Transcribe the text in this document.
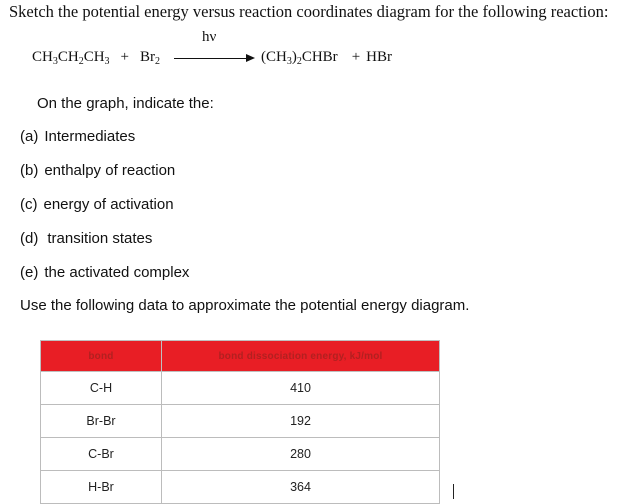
Sketch the potential energy versus reaction coordinates diagram for the following reaction:
$CH_3CH_2CH_3 + Br_2$
hν
$(CH_3)_2CHBr$ + HBr
On the graph, indicate the:
(a) Intermediates
(b) enthalpy of reaction
(c) energy of activation
(d) transition states
(e) the activated complex
Use the following data to approximate the potential energy diagram.
bond	bond dissociation energy, kJ/mol
C-H	410
Br-Br	192
C-Br	280
H-Br	364
